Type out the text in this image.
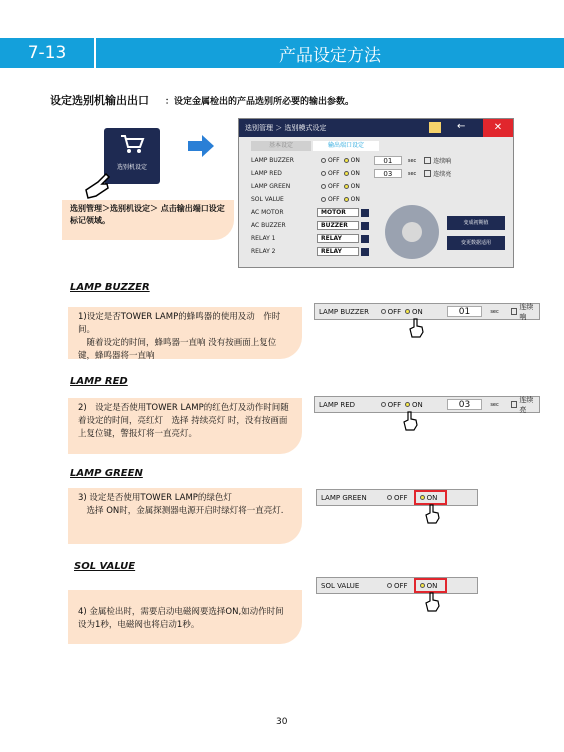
7-13	产品设定方法
设定选别机输出出口 ：设定金属检出的产品选别所必要的输出参数。
选别机设定
选别管理＞选别机设定＞ 点击输出端口设定标记领域。
选别管理 ＞ 选别模式设定	←	✕
基本设定	输出端口设定
变成初期值
变更数据适用
LAMP BUZZER	OFF ON	01	sec	连续响
LAMP RED	OFF ON	03	sec	连续亮
LAMP GREEN	OFF ON
SOL VALUE	OFF ON
AC MOTOR	MOTOR
AC BUZZER	BUZZER
RELAY 1	RELAY
RELAY 2	RELAY
LAMP BUZZER
1)设定是否TOWER LAMP的蜂鸣器的使用及动　作时间。
　随着设定的时间，蜂鸣器一直响 没有按画面上复位键，蜂鸣器将一直响
LAMP BUZZER	OFF ON	01	sec
连续响
LAMP RED
2)　设定是否使用TOWER LAMP的红色灯及动作时间随着设定的时间，亮红灯　选择 持续亮灯 时，没有按画面上复位键，警报灯将一直亮灯。
LAMP RED	OFF ON	03	sec
连续亮
LAMP GREEN
3) 设定是否使用TOWER LAMP的绿色灯
　选择 ON时，金属探测器电源开启时绿灯将一直亮灯.
LAMP GREEN	OFF	ON
SOL VALUE
4) 金属检出时，需要启动电磁阀要选择ON,如动作时间设为1秒，电磁阀也将启动1秒。
SOL VALUE	OFF	ON
30
